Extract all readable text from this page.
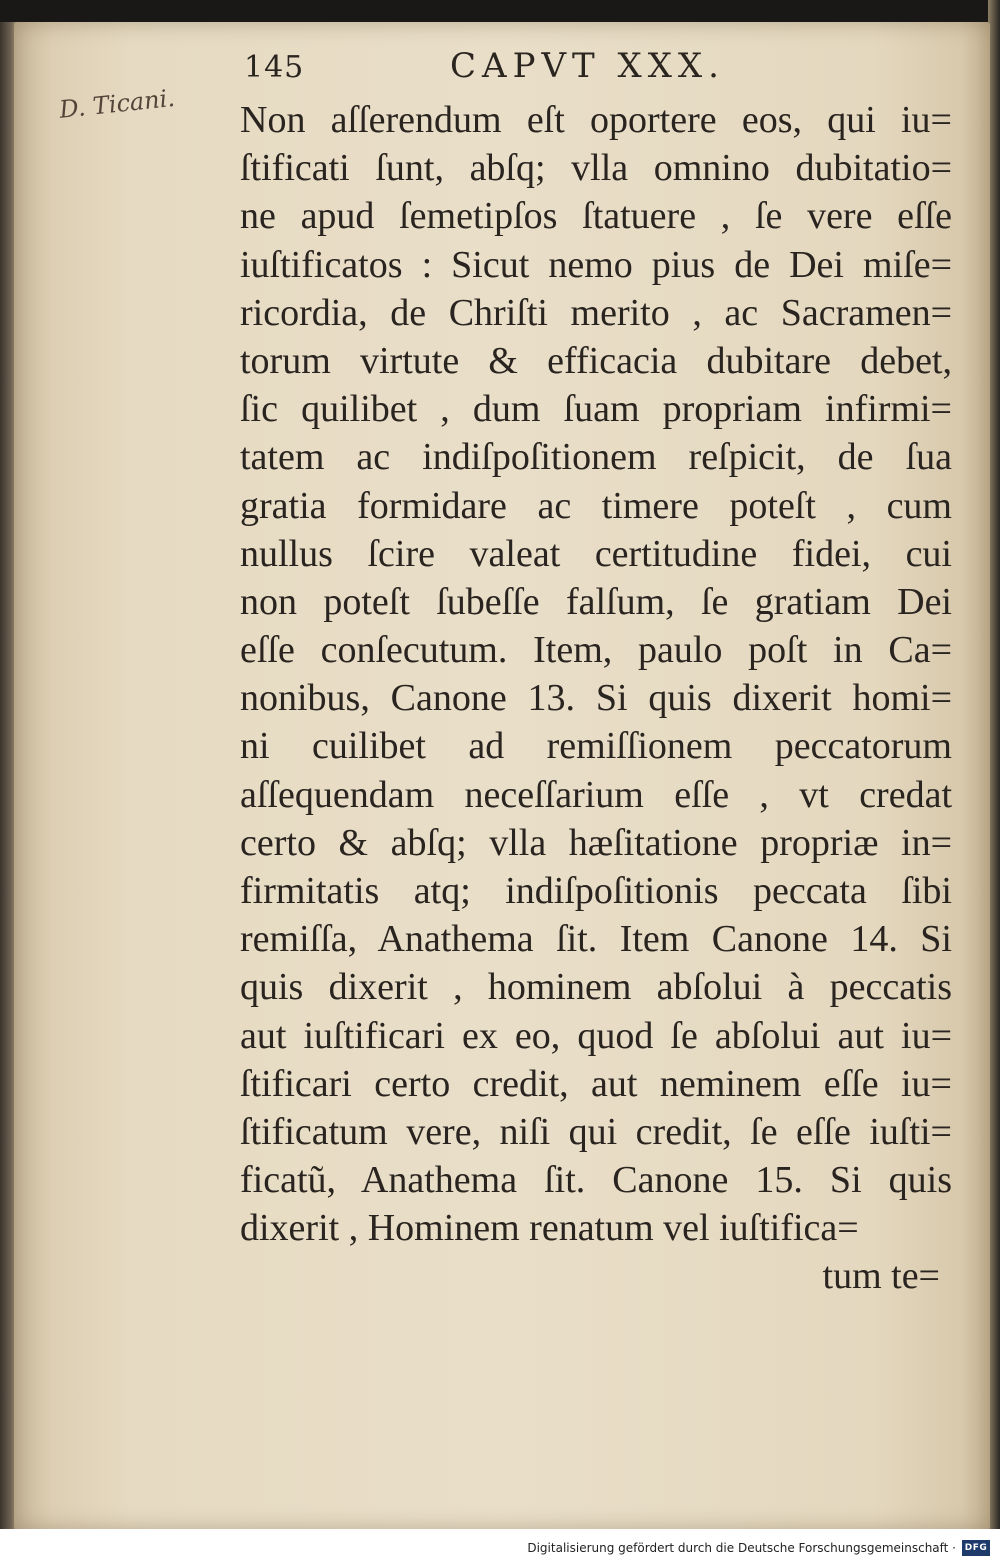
145	CAPVT XXX.
D. Ticani. Non aſſerendum eſt oportere eos, qui iu=
ſtificati ſunt, abſq; vlla omnino dubitatio=
ne apud ſemetipſos ſtatuere , ſe vere eſſe
iuſtificatos : Sicut nemo pius de Dei miſe=
ricordia, de Chriſti merito , ac Sacramen=
torum virtute & efficacia dubitare debet,
ſic quilibet , dum ſuam propriam infirmi=
tatem ac indiſpoſitionem reſpicit, de ſua
gratia formidare ac timere poteſt , cum
nullus ſcire valeat certitudine fidei, cui
non poteſt ſubeſſe falſum, ſe gratiam Dei
eſſe conſecutum. Item, paulo poſt in Ca=
nonibus, Canone 13. Si quis dixerit homi=
ni cuilibet ad remiſſionem peccatorum
aſſequendam neceſſarium eſſe , vt credat
certo & abſq; vlla hæſitatione propriæ in=
firmitatis atq; indiſpoſitionis peccata ſibi
remiſſa, Anathema ſit. Item Canone 14. Si
quis dixerit , hominem abſolui à peccatis
aut iuſtificari ex eo, quod ſe abſolui aut iu=
ſtificari certo credit, aut neminem eſſe iu=
ſtificatum vere, niſi qui credit, ſe eſſe iuſti=
ficatũ, Anathema ſit. Canone 15. Si quis
dixerit , Hominem renatum vel iuſtifica=
tum te=
Digitalisierung gefördert durch die Deutsche Forschungsgemeinschaft · DFG
